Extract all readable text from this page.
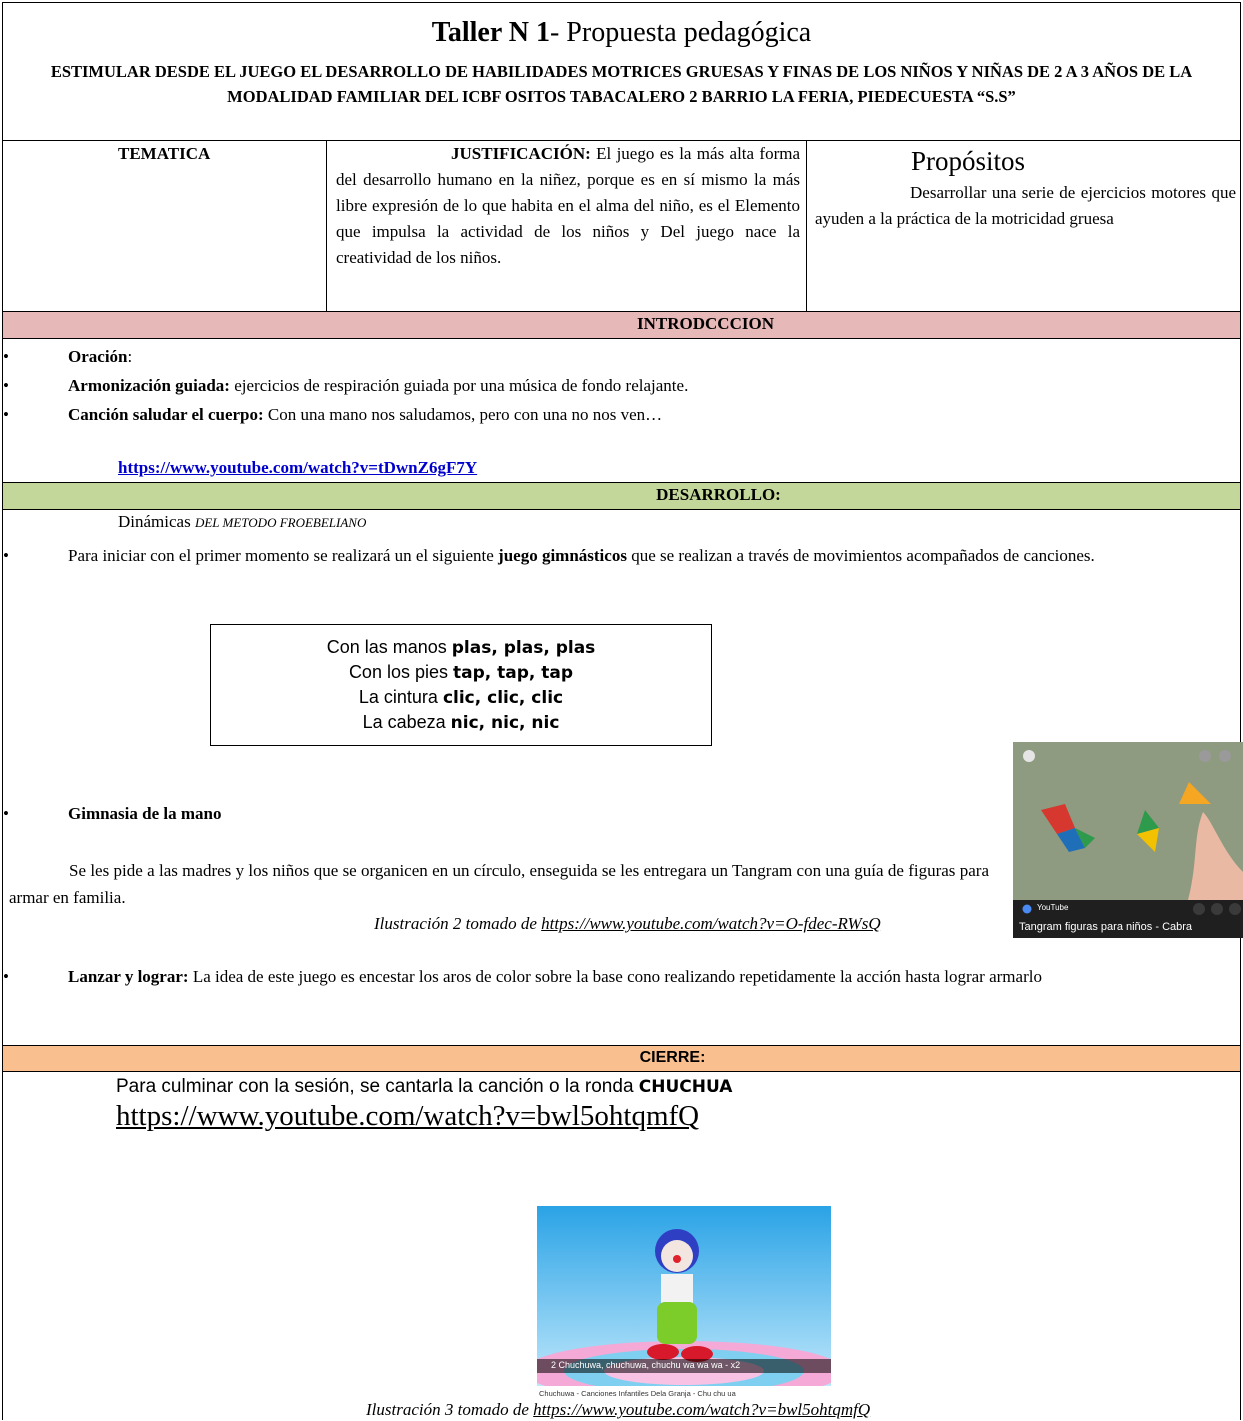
Taller N 1- Propuesta pedagógica
ESTIMULAR DESDE EL JUEGO EL DESARROLLO DE HABILIDADES MOTRICES GRUESAS Y FINAS DE LOS NIÑOS Y NIÑAS DE 2 A 3 AÑOS DE LA MODALIDAD FAMILIAR DEL ICBF OSITOS TABACALERO 2 BARRIO LA FERIA, PIEDECUESTA “S.S”
TEMATICA	JUSTIFICACIÓN: El juego es la más alta forma del desarrollo humano en la niñez, porque es en sí mismo la más libre expresión de lo que habita en el alma del niño, es el Elemento que impulsa la actividad de los niños y Del juego nace la creatividad de los niños.
Propósitos
Desarrollar una serie de ejercicios motores que ayuden a la práctica de la motricidad gruesa
INTRODCCCION
• Oración:
• Armonización guiada: ejercicios de respiración guiada por una música de fondo relajante.
• Canción saludar el cuerpo: Con una mano nos saludamos, pero con una no nos ven…
https://www.youtube.com/watch?v=tDwnZ6gF7Y
DESARROLLO:
Dinámicas DEL METODO FROEBELIANO
• Para iniciar con el primer momento se realizará un el siguiente juego gimnásticos que se realizan a través de movimientos acompañados de canciones.
Con las manos plas, plas, plas
Con los pies tap, tap, tap
La cintura clic, clic, clic
La cabeza nic, nic, nic
• Gimnasia de la mano
Se les pide a las madres y los niños que se organicen en un círculo, enseguida se les entregara un Tangram con una guía de figuras para armar en familia.
Ilustración 2 tomado de https://www.youtube.com/watch?v=O-fdec-RWsQ
YouTube
Tangram figuras para niños - Cabra
• Lanzar y lograr: La idea de este juego es encestar los aros de color sobre la base cono realizando repetidamente la acción hasta lograr armarlo
CIERRE:
Para culminar con la sesión, se cantarla la canción o la ronda CHUCHUA
https://www.youtube.com/watch?v=bwl5ohtqmfQ
2 Chuchuwa, chuchuwa, chuchu wa wa wa - x2
Chuchuwa - Canciones Infantiles Dela Granja - Chu chu ua
Ilustración 3 tomado de https://www.youtube.com/watch?v=bwl5ohtqmfQ
